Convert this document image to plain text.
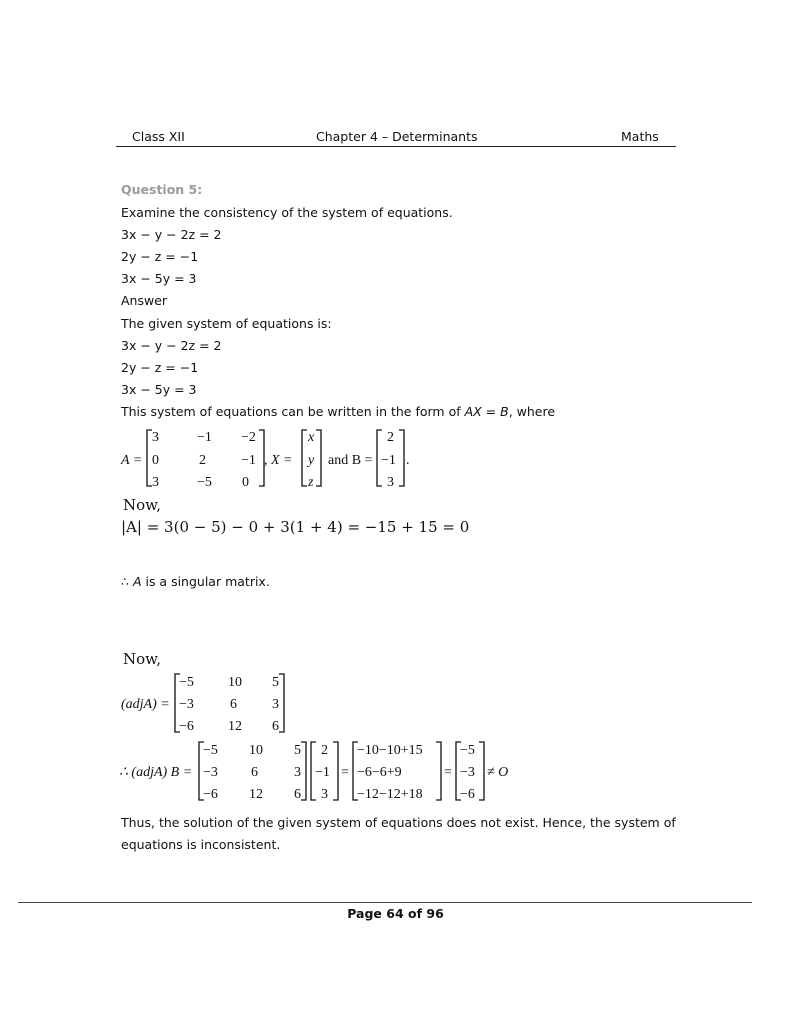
Class XII	Chapter 4 – Determinants	Maths
Question 5:
Examine the consistency of the system of equations.
3x − y − 2z = 2
2y − z = −1
3x − 5y = 3
Answer
The given system of equations is:
3x − y − 2z = 2
2y − z = −1
3x − 5y = 3
This system of equations can be written in the form of AX = B, where
A =
3	−1 −2
0	2	−1
3	−5 0
, X =
x
y
z
and B =
2
−1
3
.
Now,
|A| = 3(0 − 5) − 0 + 3(1 + 4) = −15 + 15 = 0
∴ A is a singular matrix.
Now,
(adjA) =
−5 10 5
−3	6	3
−6 12 6
∴ (adjA) B =
−5 10 5
−3 6	3
−6 12 6
2
−1
3
=
−10−10+15
−6−6+9
−12−12+18
=
−5
−3
−6
≠ O
Thus, the solution of the given system of equations does not exist. Hence, the system of
equations is inconsistent.
Page 64 of 96
